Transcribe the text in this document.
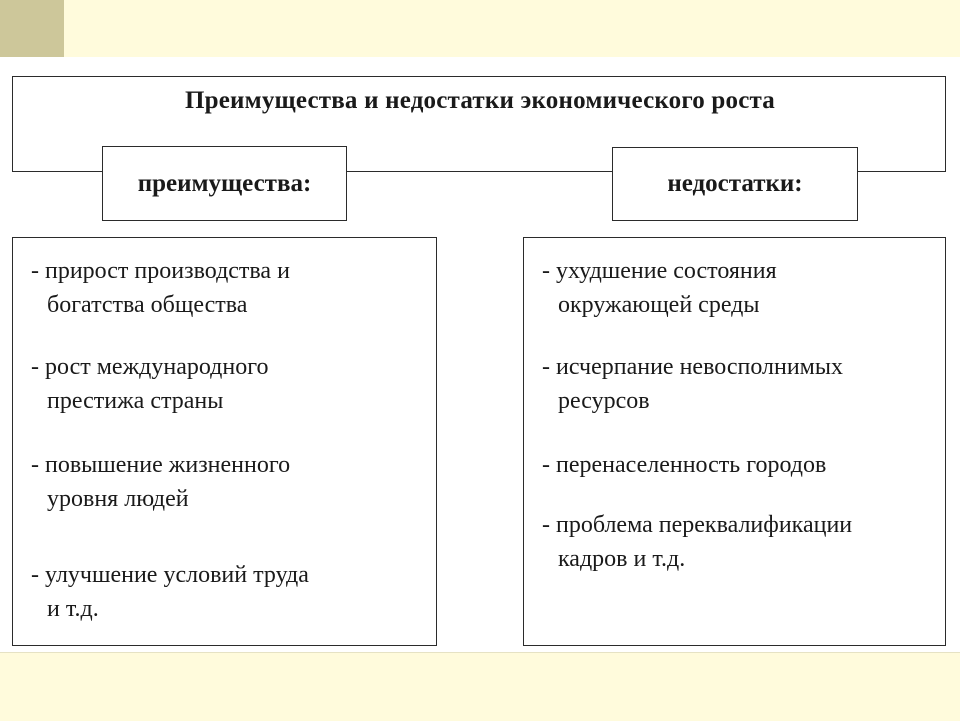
Преимущества и недостатки экономического роста
преимущества:	недостатки:
- прирост производства и
богатства общества
- рост международного
престижа страны
- повышение жизненного
уровня людей
- улучшение условий труда
и т.д.
- ухудшение состояния
окружающей среды
- исчерпание невосполнимых
ресурсов
- перенаселенность городов
- проблема переквалификации
кадров и т.д.
